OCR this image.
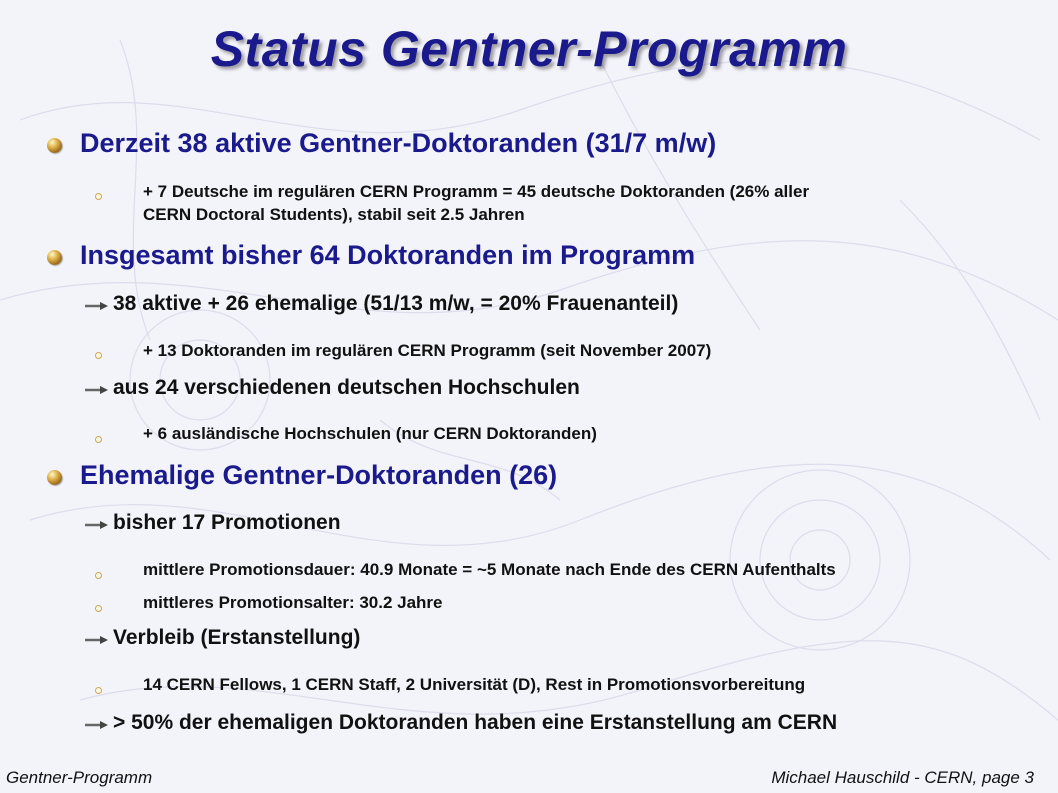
Status Gentner-Programm
Derzeit 38 aktive Gentner-Doktoranden (31/7 m/w)
+ 7 Deutsche im regulären CERN Programm = 45 deutsche Doktoranden (26% aller
CERN Doctoral Students), stabil seit 2.5 Jahren
Insgesamt bisher 64 Doktoranden im Programm
38 aktive + 26 ehemalige (51/13 m/w, = 20% Frauenanteil)
+ 13 Doktoranden im regulären CERN Programm (seit November 2007)
aus 24 verschiedenen deutschen Hochschulen
+ 6 ausländische Hochschulen (nur CERN Doktoranden)
Ehemalige Gentner-Doktoranden (26)
bisher 17 Promotionen
mittlere Promotionsdauer: 40.9 Monate = ~5 Monate nach Ende des CERN Aufenthalts
mittleres Promotionsalter: 30.2 Jahre
Verbleib (Erstanstellung)
14 CERN Fellows, 1 CERN Staff, 2 Universität (D), Rest in Promotionsvorbereitung
> 50% der ehemaligen Doktoranden haben eine Erstanstellung am CERN
Gentner-Programm	Michael Hauschild - CERN, page 3
